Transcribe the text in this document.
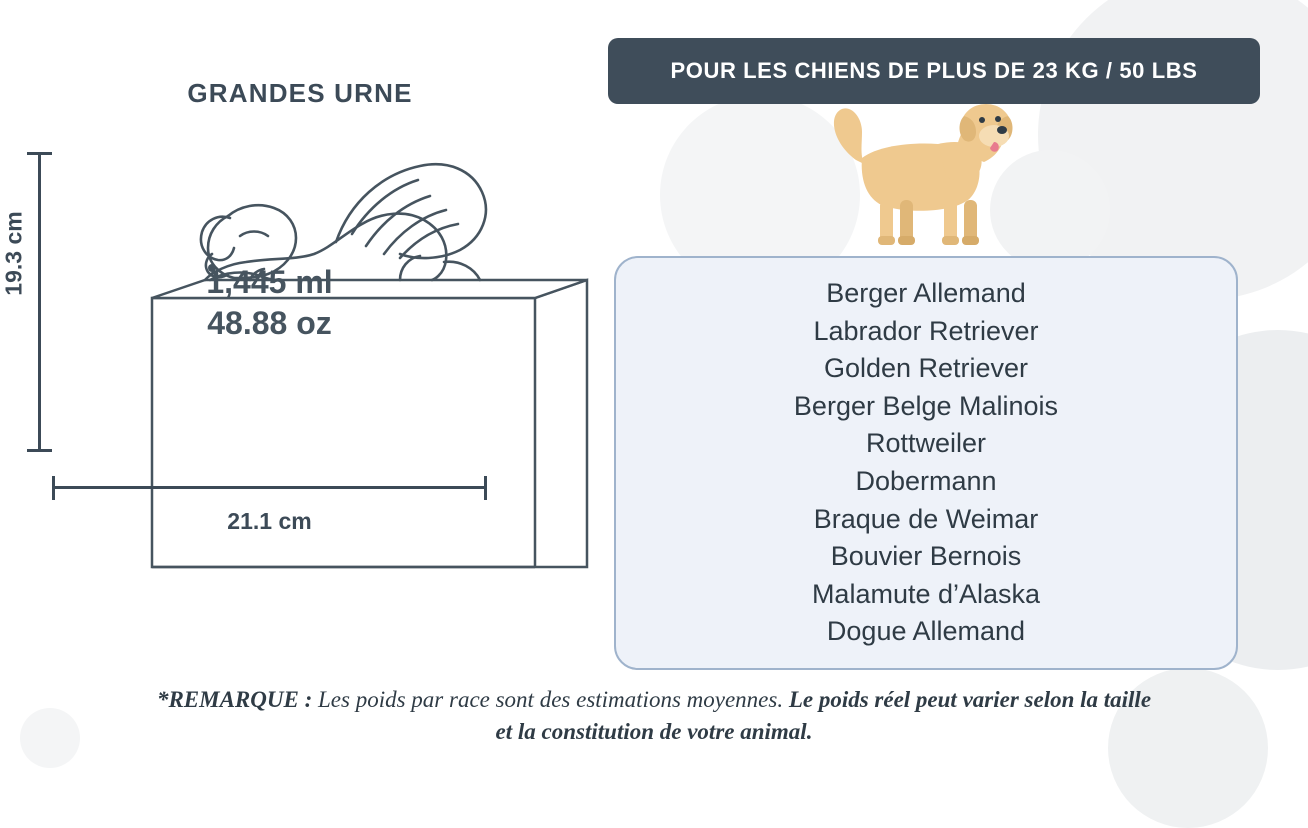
GRANDES URNE
19.3 cm	1,445 ml
48.88 oz
21.1 cm
POUR LES CHIENS DE PLUS DE 23 KG / 50 LBS
Berger Allemand
Labrador Retriever
Golden Retriever
Berger Belge Malinois
Rottweiler
Dobermann
Braque de Weimar
Bouvier Bernois
Malamute d’Alaska
Dogue Allemand
*REMARQUE : Les poids par race sont des estimations moyennes. Le poids réel peut varier selon la taille et la constitution de votre animal.
